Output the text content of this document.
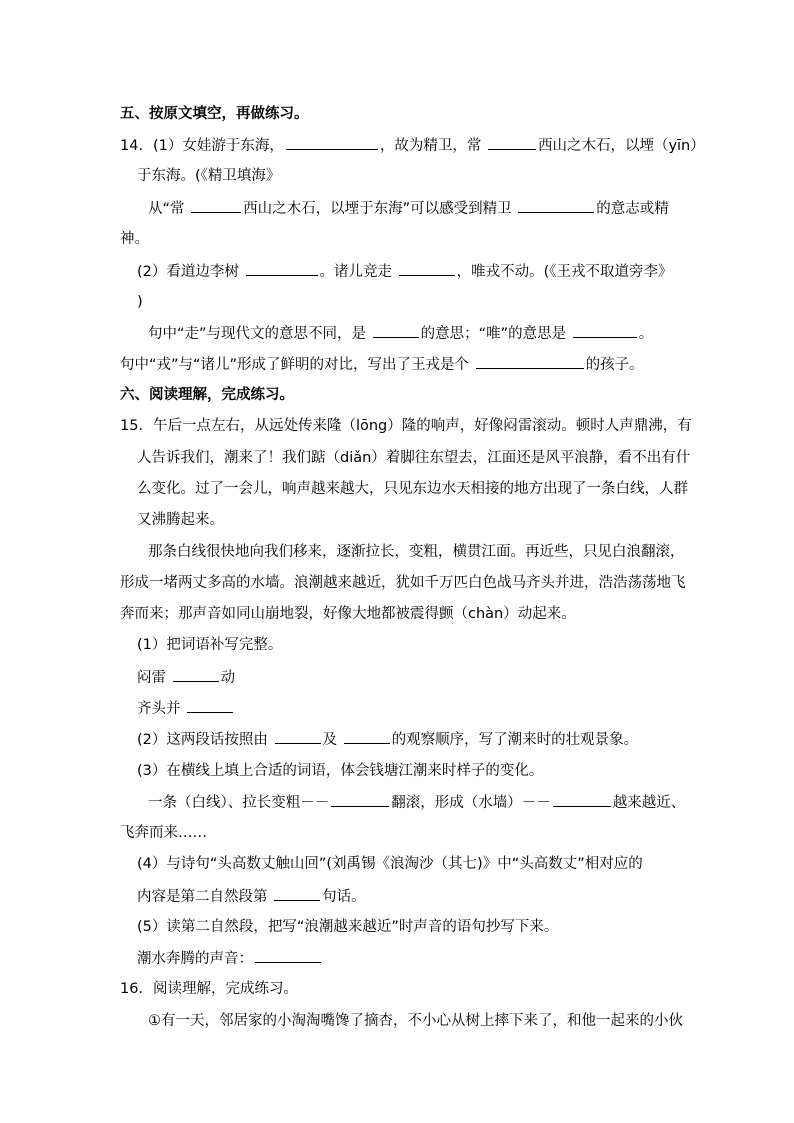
五、按原文填空，再做练习。
14．(1）女娃游于东海，	，故为精卫，常	西山之木石，以堙（yīn）
于东海。(《精卫填海》
从“常	西山之木石，以堙于东海”可以感受到精卫	的意志或精
神。
(2）看道边李树	。诸儿竞走	，唯戎不动。(《王戎不取道旁李》
)
句中“走”与现代文的意思不同，是	的意思；“唯”的意思是	。
句中“戎”与“诸儿”形成了鲜明的对比，写出了王戎是个	的孩子。
六、阅读理解，完成练习。
15．午后一点左右，从远处传来隆（lōng）隆的响声，好像闷雷滚动。顿时人声鼎沸，有
人告诉我们，潮来了！我们踮（diǎn）着脚往东望去，江面还是风平浪静，看不出有什
么变化。过了一会儿，响声越来越大，只见东边水天相接的地方出现了一条白线，人群
又沸腾起来。
那条白线很快地向我们移来，逐渐拉长，变粗，横贯江面。再近些，只见白浪翻滚，
形成一堵两丈多高的水墙。浪潮越来越近，犹如千万匹白色战马齐头并进，浩浩荡荡地飞
奔而来；那声音如同山崩地裂，好像大地都被震得颤（chàn）动起来。
(1）把词语补写完整。
闷雷	动
齐头并
(2）这两段话按照由	及	的观察顺序，写了潮来时的壮观景象。
(3）在横线上填上合适的词语，体会钱塘江潮来时样子的变化。
一条（白线）、拉长变粗－－	翻滚，形成（水墙）－－	越来越近、
飞奔而来……
(4）与诗句“头高数丈触山回”(刘禹锡《浪淘沙（其七)》中“头高数丈”相对应的
内容是第二自然段第	句话。
(5）读第二自然段，把写“浪潮越来越近”时声音的语句抄写下来。
潮水奔腾的声音：
16．阅读理解，完成练习。
①有一天，邻居家的小淘淘嘴馋了摘杏，不小心从树上摔下来了，和他一起来的小伙
